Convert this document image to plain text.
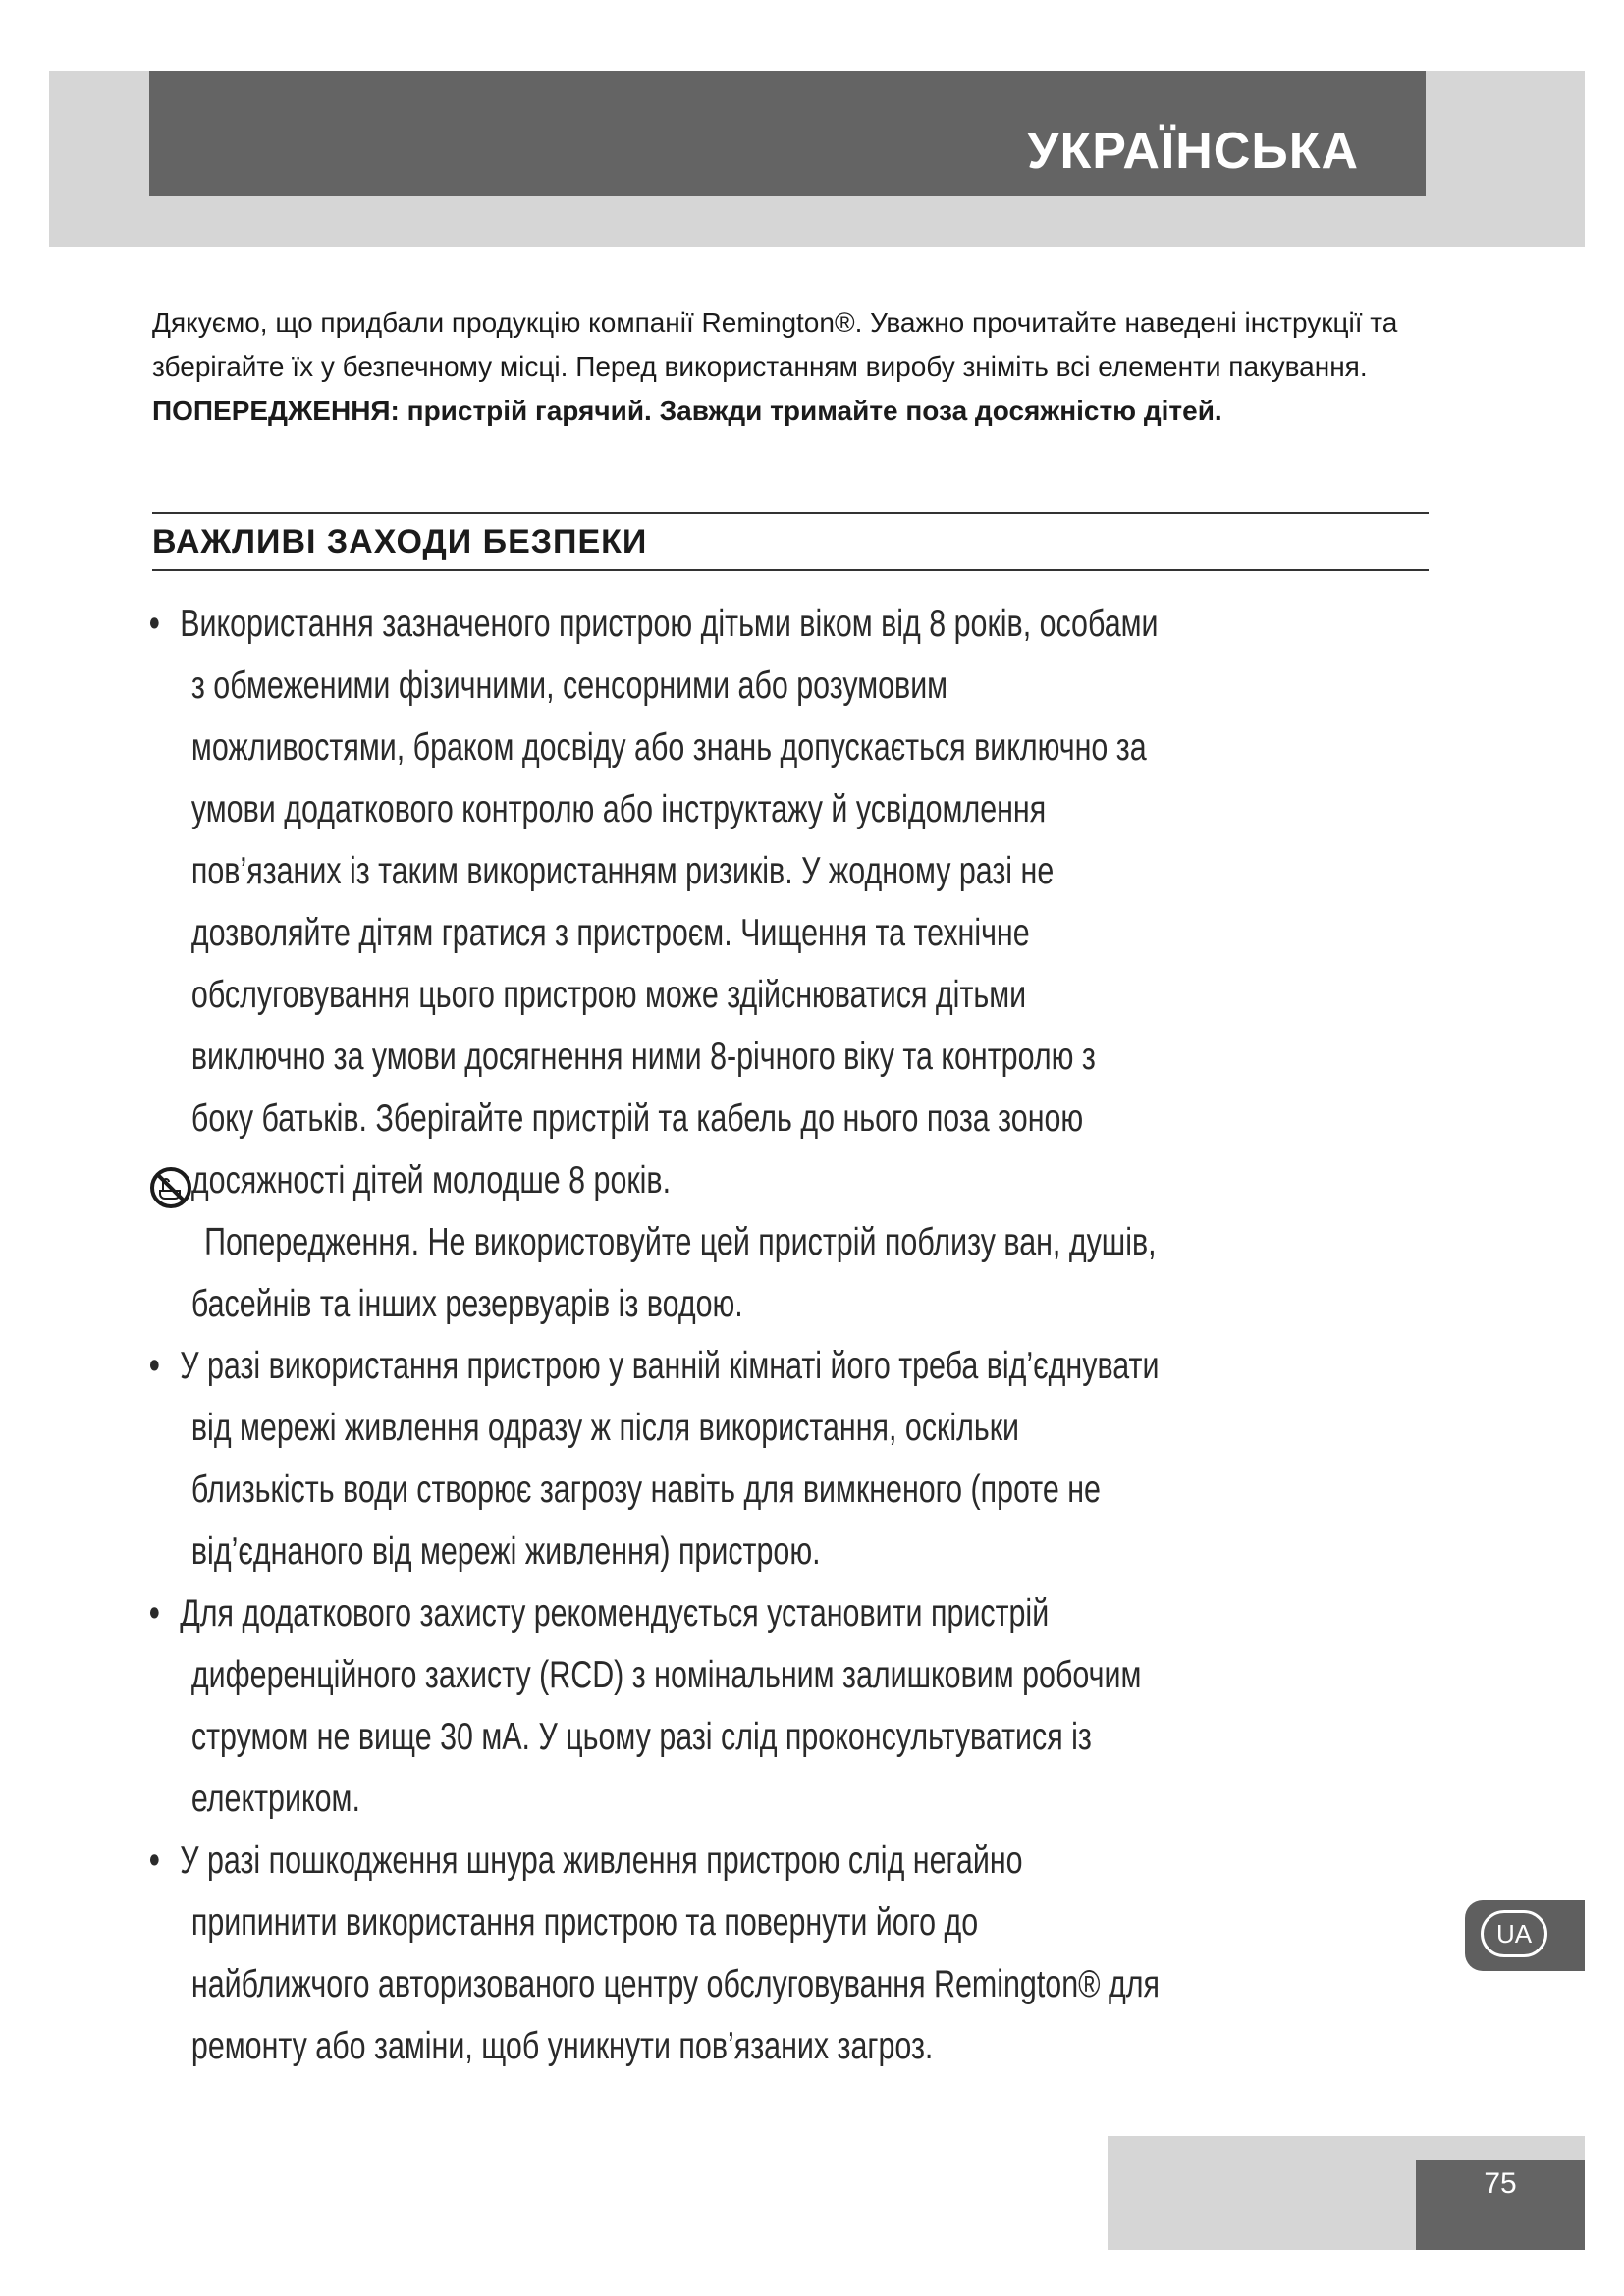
УКРАЇНСЬКА

Дякуємо, що придбали продукцію компанії Remington®. Уважно прочитайте наведені інструкції та зберігайте їх у безпечному місці. Перед використанням виробу зніміть всі елементи пакування. ПОПЕРЕДЖЕННЯ: пристрій гарячий. Завжди тримайте поза досяжністю дітей.

ВАЖЛИВІ ЗАХОДИ БЕЗПЕКИ

• Використання зазначеного пристрою дітьми віком від 8 років, особами з обмеженими фізичними, сенсорними або розумовим можливостями, браком досвіду або знань допускається виключно за умови додаткового контролю або інструктажу й усвідомлення пов’язаних із таким використанням ризиків. У жодному разі не дозволяйте дітям гратися з пристроєм. Чищення та технічне обслуговування цього пристрою може здійснюватися дітьми виключно за умови досягнення ними 8-річного віку та контролю з боку батьків. Зберігайте пристрій та кабель до нього поза зоною досяжності дітей молодше 8 років.

Попередження. Не використовуйте цей пристрій поблизу ван, душів, басейнів та інших резервуарів із водою.

• У разі використання пристрою у ванній кімнаті його треба від’єднувати від мережі живлення одразу ж після використання, оскільки близькість води створює загрозу навіть для вимкненого (проте не від’єднаного від мережі живлення) пристрою.

• Для додаткового захисту рекомендується установити пристрій диференційного захисту (RCD) з номінальним залишковим робочим струмом не вище 30 мА. У цьому разі слід проконсультуватися із електриком.

• У разі пошкодження шнура живлення пристрою слід негайно припинити використання пристрою та повернути його до найближчого авторизованого центру обслуговування Remington® для ремонту або заміни, щоб уникнути пов’язаних загроз.

UA
75
